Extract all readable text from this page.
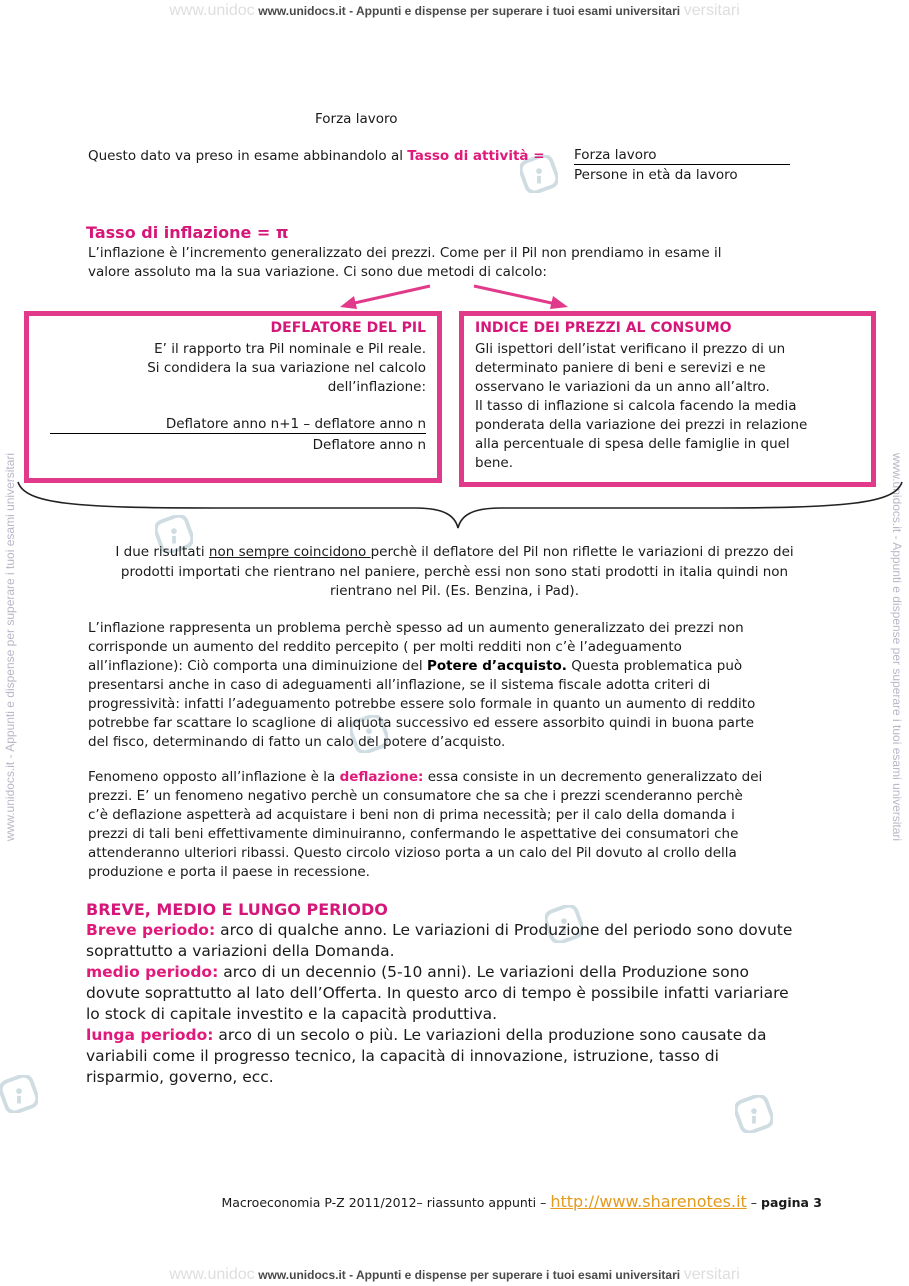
www.unidoc www.unidocs.it - Appunti e dispense per superare i tuoi esami universitari versitari
www.unidoc www.unidocs.it - Appunti e dispense per superare i tuoi esami universitari versitari
www.unidocs.it - Appunti e dispense per superare i tuoi esami universitari	www.unidocs.it - Appunti e dispense per superare i tuoi esami universitari
Forza lavoro
Questo dato va preso in esame abbinandolo al Tasso di attività = Forza lavoro
Persone in età da lavoro
Tasso di inflazione = π
L’inflazione è l’incremento generalizzato dei prezzi. Come per il Pil non prendiamo in esame il
valore assoluto ma la sua variazione. Ci sono due metodi di calcolo:
DEFLATORE DEL PIL
E’ il rapporto tra Pil nominale e Pil reale.
Si condidera la sua variazione nel calcolo
dell’inflazione:
Deflatore anno n+1 – deflatore anno n
Deflatore anno n
INDICE DEI PREZZI AL CONSUMO
Gli ispettori dell’istat verificano il prezzo di un
determinato paniere di beni e serevizi e ne
osservano le variazioni da un anno all’altro.
Il tasso di inflazione si calcola facendo la media
ponderata della variazione dei prezzi in relazione
alla percentuale di spesa delle famiglie in quel
bene.
I due risultati non sempre coincidono perchè il deflatore del Pil non riflette le variazioni di prezzo dei
prodotti importati che rientrano nel paniere, perchè essi non sono stati prodotti in italia quindi non
rientrano nel Pil. (Es. Benzina, i Pad).
L’inflazione rappresenta un problema perchè spesso ad un aumento generalizzato dei prezzi non
corrisponde un aumento del reddito percepito ( per molti redditi non c’è l’adeguamento
all’inflazione): Ciò comporta una diminuizione del Potere d’acquisto. Questa problematica può
presentarsi anche in caso di adeguamenti all’inflazione, se il sistema fiscale adotta criteri di
progressività: infatti l’adeguamento potrebbe essere solo formale in quanto un aumento di reddito
potrebbe far scattare lo scaglione di aliquota successivo ed essere assorbito quindi in buona parte
del fisco, determinando di fatto un calo del potere d’acquisto.
Fenomeno opposto all’inflazione è la deflazione: essa consiste in un decremento generalizzato dei
prezzi. E’ un fenomeno negativo perchè un consumatore che sa che i prezzi scenderanno perchè
c’è deflazione aspetterà ad acquistare i beni non di prima necessità; per il calo della domanda i
prezzi di tali beni effettivamente diminuiranno, confermando le aspettative dei consumatori che
attenderanno ulteriori ribassi. Questo circolo vizioso porta a un calo del Pil dovuto al crollo della
produzione e porta il paese in recessione.
BREVE, MEDIO E LUNGO PERIODO
Breve periodo: arco di qualche anno. Le variazioni di Produzione del periodo sono dovute
soprattutto a variazioni della Domanda.
medio periodo: arco di un decennio (5-10 anni). Le variazioni della Produzione sono
dovute soprattutto al lato dell’Offerta. In questo arco di tempo è possibile infatti variariare
lo stock di capitale investito e la capacità produttiva.
lunga periodo: arco di un secolo o più. Le variazioni della produzione sono causate da
variabili come il progresso tecnico, la capacità di innovazione, istruzione, tasso di
risparmio, governo, ecc.
Macroeconomia P-Z 2011/2012– riassunto appunti – http://www.sharenotes.it – pagina 3
